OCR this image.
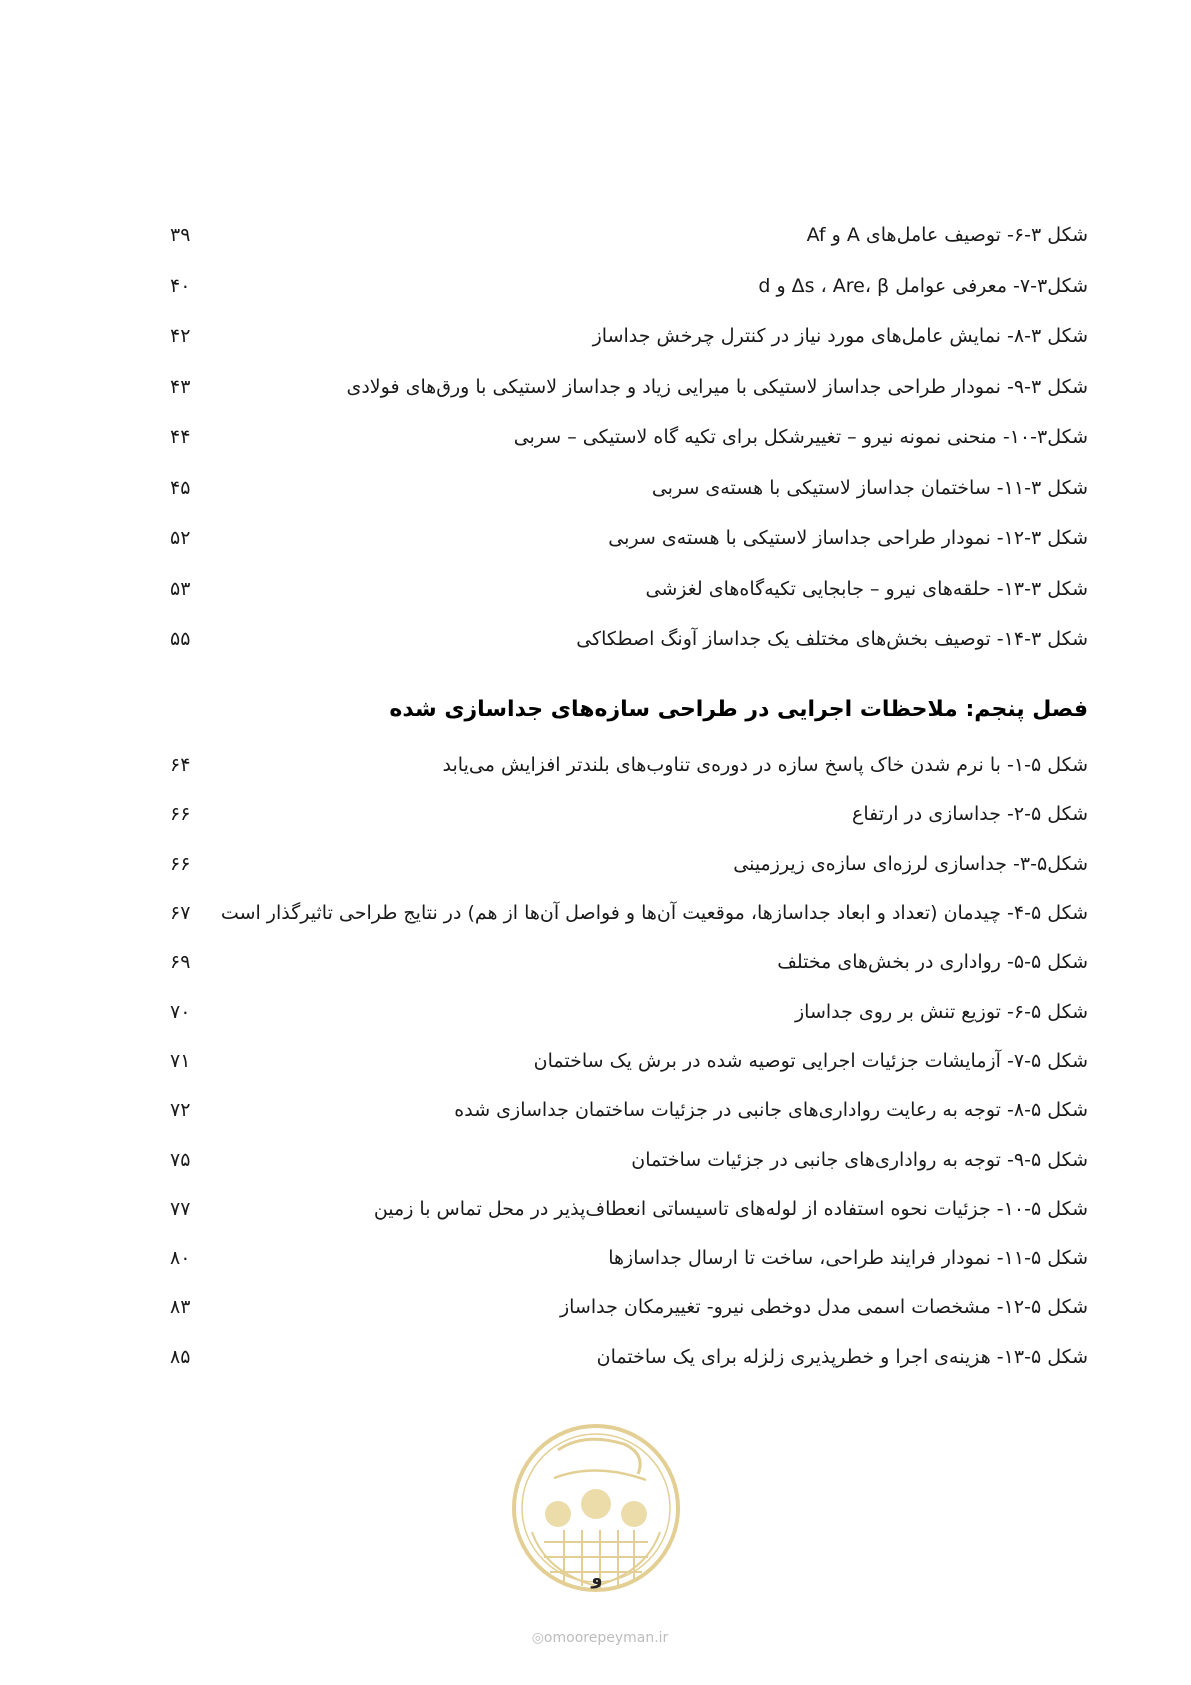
شکل ۳-۶- توصیف عامل‌های A و Af
۳۹
شکل۳-۷- معرفی عوامل Δs ، Are، β و d
۴۰
شکل ۳-۸- نمایش عامل‌های مورد نیاز در کنترل چرخش جداساز
۴۲
شکل ۳-۹- نمودار طراحی جداساز لاستیکی با میرایی زیاد و جداساز لاستیکی با ورق‌های فولادی
۴۳
شکل۳-۱۰- منحنی نمونه نیرو – تغییرشکل برای تکیه گاه لاستیکی – سربی
۴۴
شکل ۳-۱۱- ساختمان جداساز لاستیکی با هسته‌ی سربی
۴۵
شکل ۳-۱۲- نمودار طراحی جداساز لاستیکی با هسته‌ی سربی
۵۲
شکل ۳-۱۳- حلقه‌های نیرو – جابجایی تکیه‌گاه‌های لغزشی
۵۳
شکل ۳-۱۴- توصیف بخش‌های مختلف یک جداساز آونگ اصطکاکی
۵۵
فصل پنجم: ملاحظات اجرایی در طراحی سازه‌های جداسازی شده
شکل ۵-۱- با نرم شدن خاک پاسخ سازه در دوره‌ی تناوب‌های بلندتر افزایش می‌یابد
۶۴
شکل ۵-۲- جداسازی در ارتفاع
۶۶
شکل۵-۳- جداسازی لرزه‌ای سازه‌ی زیرزمینی
۶۶
شکل ۵-۴- چیدمان (تعداد و ابعاد جداسازها، موقعیت آن‌ها و فواصل آن‌ها از هم) در نتایج طراحی تاثیرگذار است
۶۷
شکل ۵-۵- رواداری در بخش‌های مختلف
۶۹
شکل ۵-۶- توزیع تنش بر روی جداساز
۷۰
شکل ۵-۷- آزمایشات جزئیات اجرایی توصیه شده در برش یک ساختمان
۷۱
شکل ۵-۸- توجه به رعایت رواداری‌های جانبی در جزئیات ساختمان جداسازی شده
۷۲
شکل ۵-۹- توجه به رواداری‌های جانبی در جزئیات ساختمان
۷۵
شکل ۵-۱۰- جزئیات نحوه استفاده از لوله‌های تاسیساتی انعطاف‌پذیر در محل تماس با زمین
۷۷
شکل ۵-۱۱- نمودار فرایند طراحی، ساخت تا ارسال جداسازها
۸۰
شکل ۵-۱۲- مشخصات اسمی مدل دوخطی نیرو- تغییرمکان جداساز
۸۳
شکل ۵-۱۳- هزینه‌ی اجرا و خطرپذیری زلزله برای یک ساختمان
۸۵
و
◎omoorepeyman.ir
